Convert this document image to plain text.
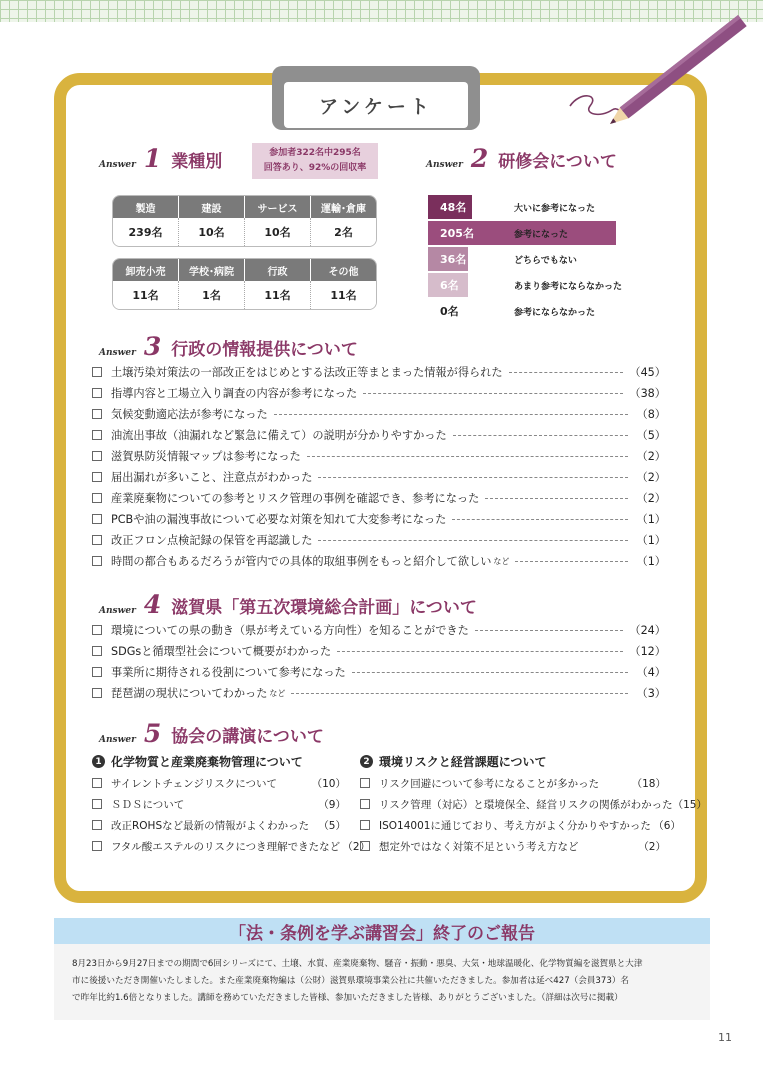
アンケート
Answer 1 業種別	参加者322名中295名
回答あり、92%の回収率
製造	建設	サービス	運輸･倉庫
239名	10名	10名	2名
卸売小売	学校･病院	行政	その他
11名	1名	11名	11名
Answer 2 研修会について
48名	大いに参考になった
205名	参考になった
36名	どちらでもない
6名	あまり参考にならなかった
0名	参考にならなかった
Answer 3 行政の情報提供について
土壌汚染対策法の一部改正をはじめとする法改正等まとまった情報が得られた	（45）
指導内容と工場立入り調査の内容が参考になった	（38）
気候変動適応法が参考になった	（8）
油流出事故（油漏れなど緊急に備えて）の説明が分かりやすかった	（5）
滋賀県防災情報マップは参考になった	（2）
届出漏れが多いこと、注意点がわかった	（2）
産業廃棄物についての参考とリスク管理の事例を確認でき、参考になった	（2）
PCBや油の漏洩事故について必要な対策を知れて大変参考になった	（1）
改正フロン点検記録の保管を再認識した	（1）
時間の都合もあるだろうが管内での具体的取組事例をもっと紹介して欲しい など	（1）
Answer 4 滋賀県「第五次環境総合計画」について
環境についての県の動き（県が考えている方向性）を知ることができた	（24）
SDGsと循環型社会について概要がわかった	（12）
事業所に期待される役割について参考になった	（4）
琵琶湖の現状についてわかった など	（3）
Answer 5 協会の講演について
1 化学物質と産業廃棄物管理について	2 環境リスクと経営課題について
サイレントチェンジリスクについて	（10）
ＳＤＳについて	（9）
改正ROHSなど最新の情報がよくわかった （5）
フタル酸エステルのリスクにつき理解できたなど （2）
リスク回避について参考になることが多かった	（18）
リスク管理（対応）と環境保全、経営リスクの関係がわかった （15）
ISO14001に通じており、考え方がよく分かりやすかった （6）
想定外ではなく対策不足という考え方など	（2）
「法・条例を学ぶ講習会」終了のご報告
8月23日から9月27日までの期間で6回シリーズにて、土壌、水質、産業廃棄物、騒音・振動・悪臭、大気・地球温暖化、化学物質編を滋賀県と大津
市に後援いただき開催いたしました。また産業廃棄物編は（公財）滋賀県環境事業公社に共催いただきました。参加者は延べ427（会員373）名
で昨年比約1.6倍となりました。講師を務めていただきました皆様、参加いただきました皆様、ありがとうございました。（詳細は次号に掲載）
11
